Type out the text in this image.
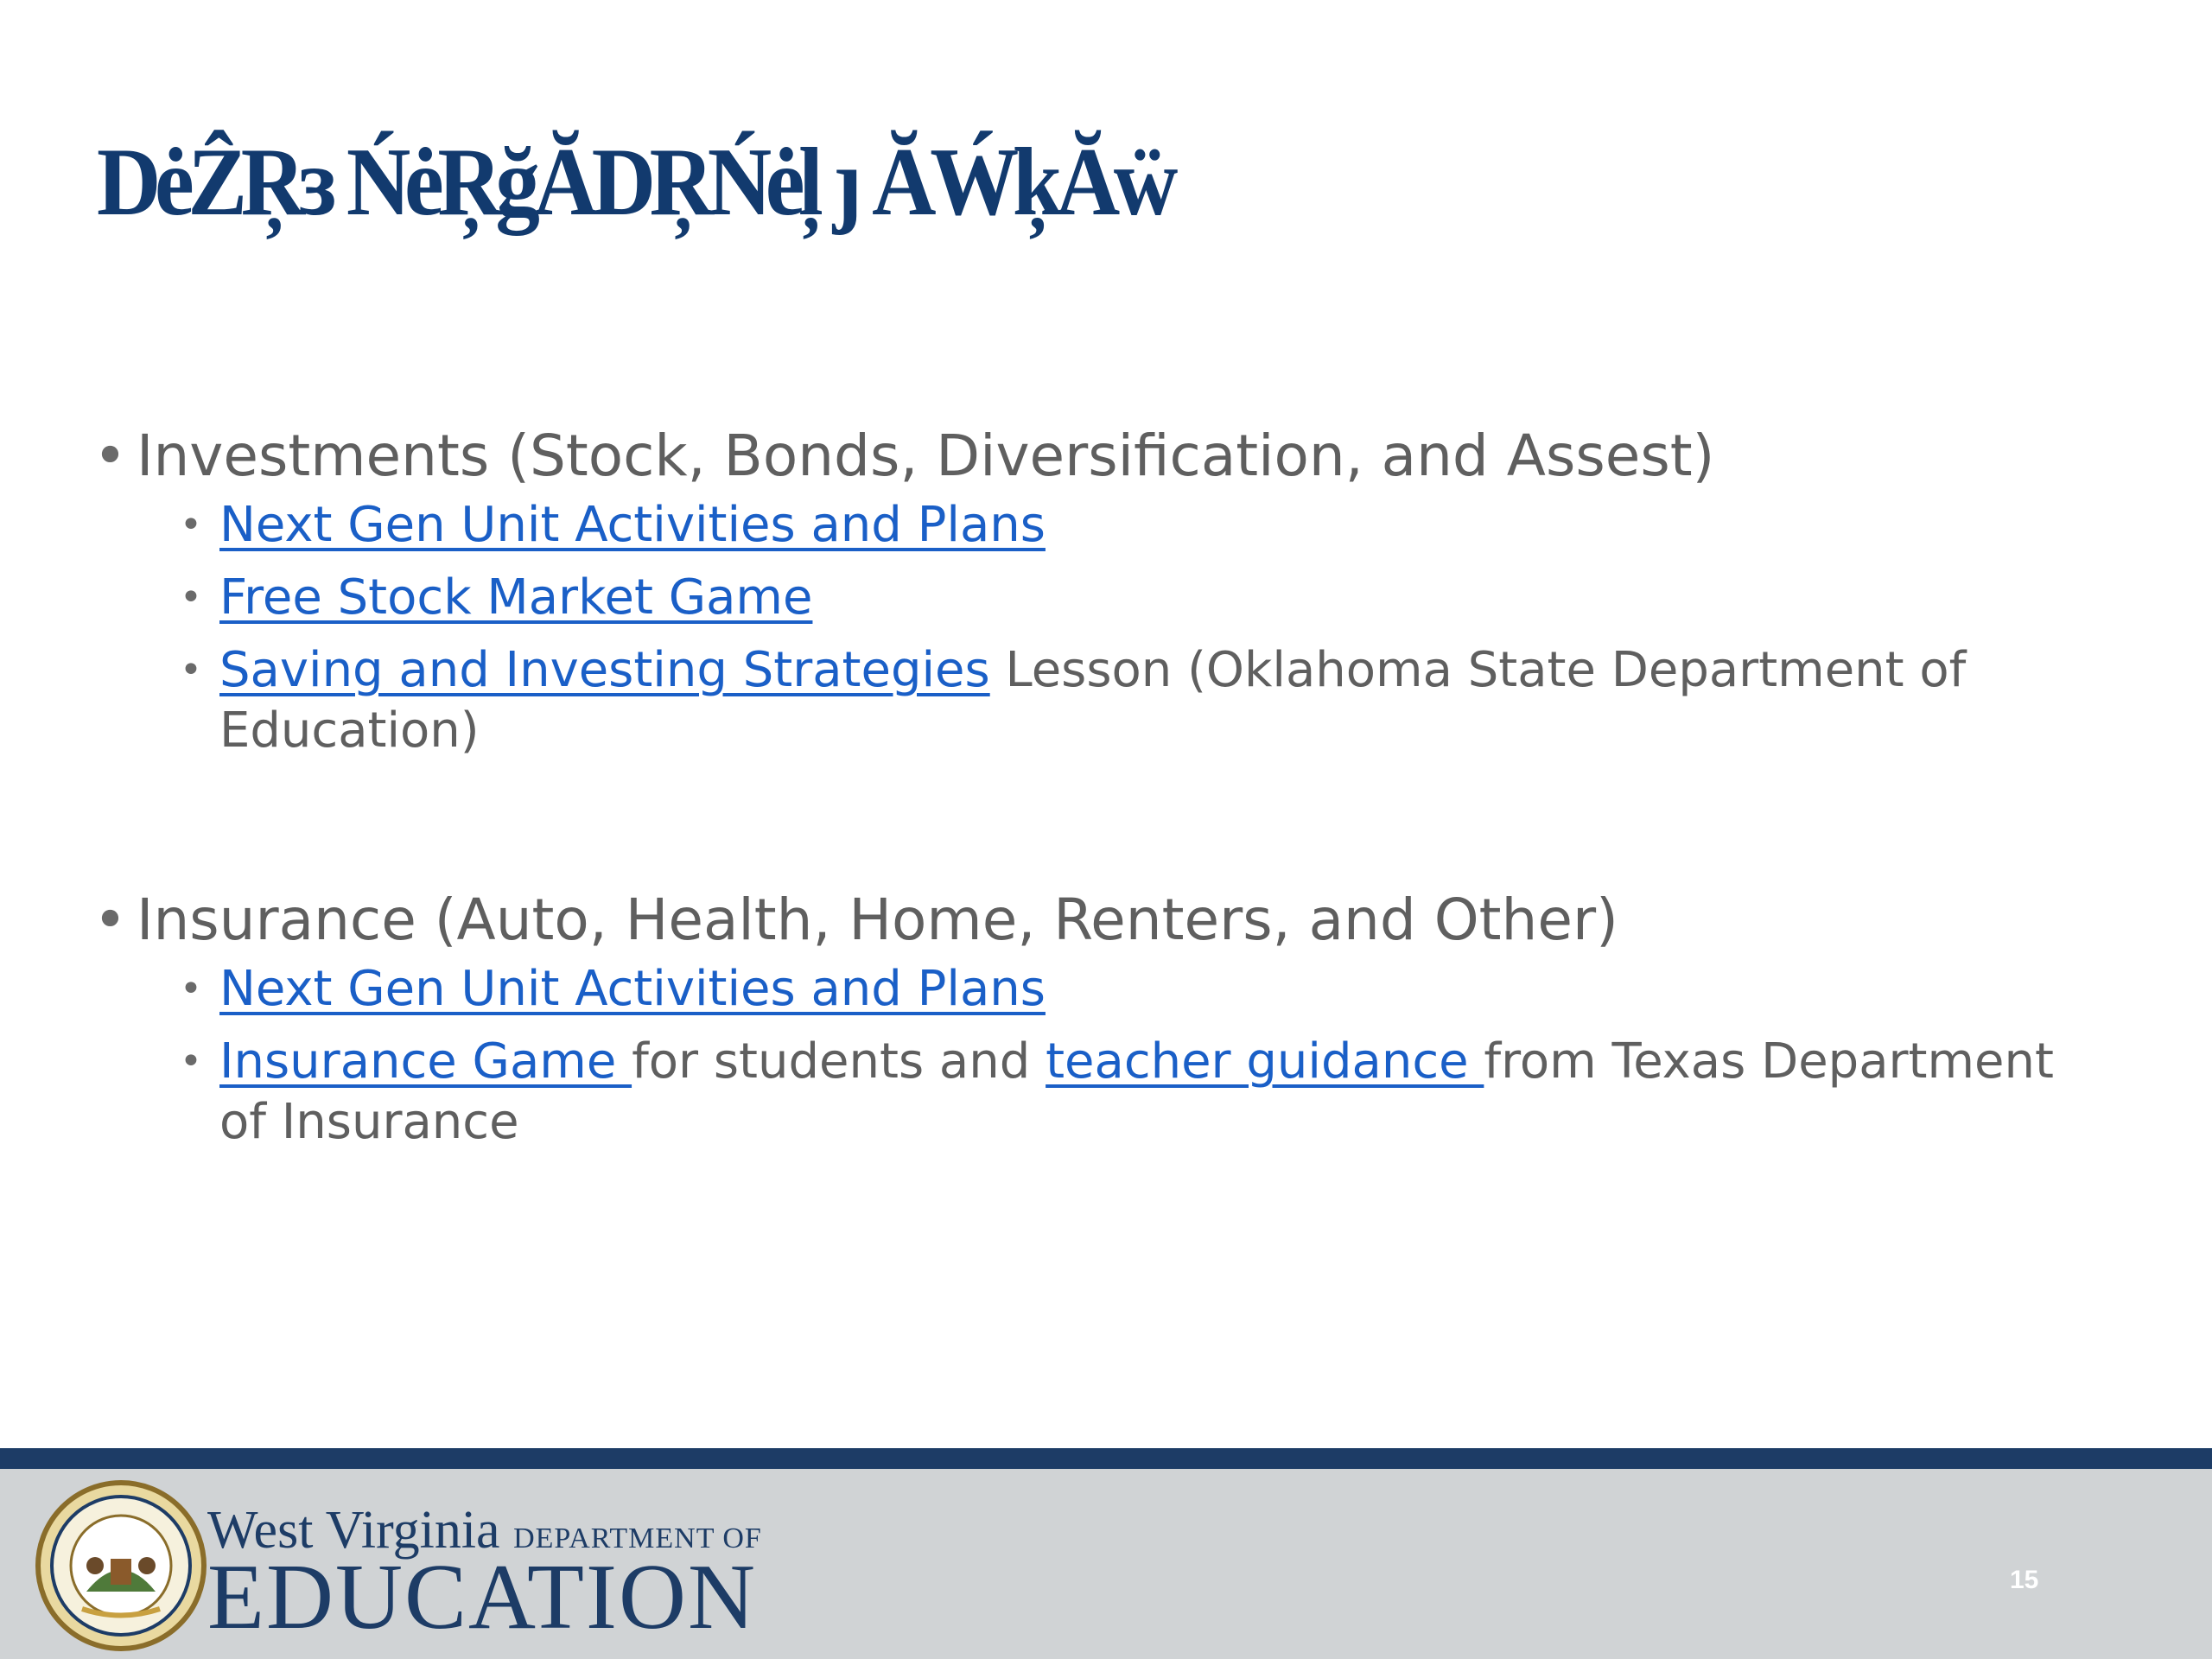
DėẐŖɜ ŃėŖğĂDŖŃėļ ȷ ĂẂķĂẅ
• Investments (Stock, Bonds, Diversification, and Assest)
• Next Gen Unit Activities and Plans
• Free Stock Market Game
• Saving and Investing Strategies Lesson (Oklahoma State Department of Education)
• Insurance (Auto, Health, Home, Renters, and Other)
• Next Gen Unit Activities and Plans
• Insurance Game for students and teacher guidance from Texas Department of Insurance
West Virginia DEPARTMENT OF
EDUCATION	15
